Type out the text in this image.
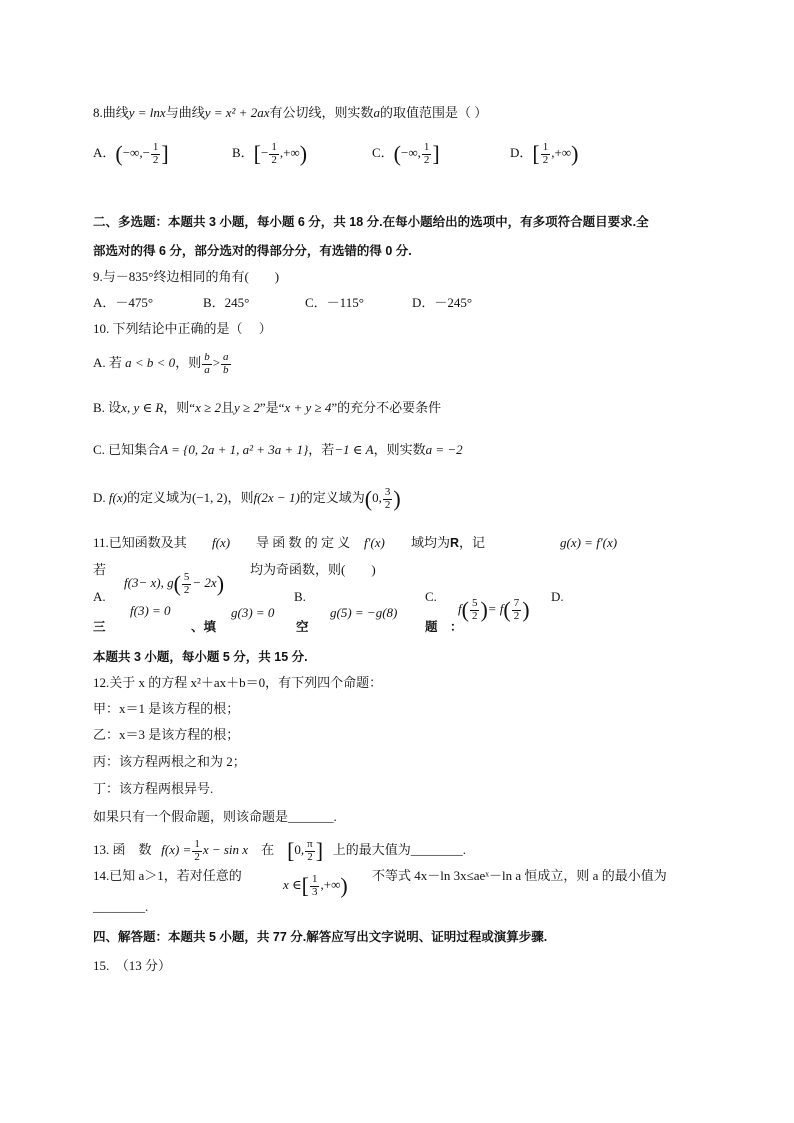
8.曲线y = lnx与曲线y = x² + 2ax有公切线，则实数a的取值范围是（ ）
A．(−∞,− $\frac{1}{2}$ ]	B．[− $\frac{1}{2}$ ,+∞)	C．(−∞, $\frac{1}{2}$ ]	D．[ $\frac{1}{2}$ ,+∞)
二、多选题：本题共 3 小题，每小题 6 分，共 18 分.在每小题给出的选项中，有多项符合题目要求.全
部选对的得 6 分，部分选对的得部分分，有选错的得 0 分.
9.与－835°终边相同的角有(　　)
A．－475°	B．245°	C．－115°	D．－245°
10. 下列结论中正确的是（　 ）
A. 若 a < b < 0，则 $\frac{b}{a} > \frac{a}{b}$
B. 设x, y ∈ R，则“x ≥ 2且y ≥ 2”是“x + y ≥ 4”的充分不必要条件
C. 已知集合A = {0, 2a + 1, a² + 3a + 1}，若−1 ∈ A，则实数a = −2
D. f(x)的定义域为(−1, 2)，则f(2x − 1)的定义域为(0, $\frac{3}{2}$ )
11.已知函数及其 f(x) 导 函 数 的 定 义 f′(x) 域均为R，记	g(x) = f′(x)
若
f(3− x), $g( \frac{5}{2} - 2x)$
均为奇函数，则(　　)
A.
f(3) = 0
B.
g(3) = 0
C.
g(5) = −g(8)
D.
$f( \frac{5}{2}$ )= $f( \frac{7}{2}$ )
三	、填	空	题　：
本题共 3 小题，每小题 5 分，共 15 分.
12.关于 x 的方程 x²＋ax＋b＝0，有下列四个命题：
甲：x＝1 是该方程的根；
乙：x＝3 是该方程的根；
丙：该方程两根之和为 2；
丁：该方程两根异号.
如果只有一个假命题，则该命题是_______.
13. 函　数 $f(x) = \frac{1}{2}$ x − sin x 在 [0, $\frac{\pi}{2}$ ] 上的最大值为________.
14.已知 a＞1，若对任意的
x ∈[ $\frac{1}{3}$ ,+∞) 不等式 4x－ln 3x≤aeˣ－ln a 恒成立，则 a 的最小值为
________.
四、解答题：本题共 5 小题，共 77 分.解答应写出文字说明、证明过程或演算步骤.
15.　（13 分）
